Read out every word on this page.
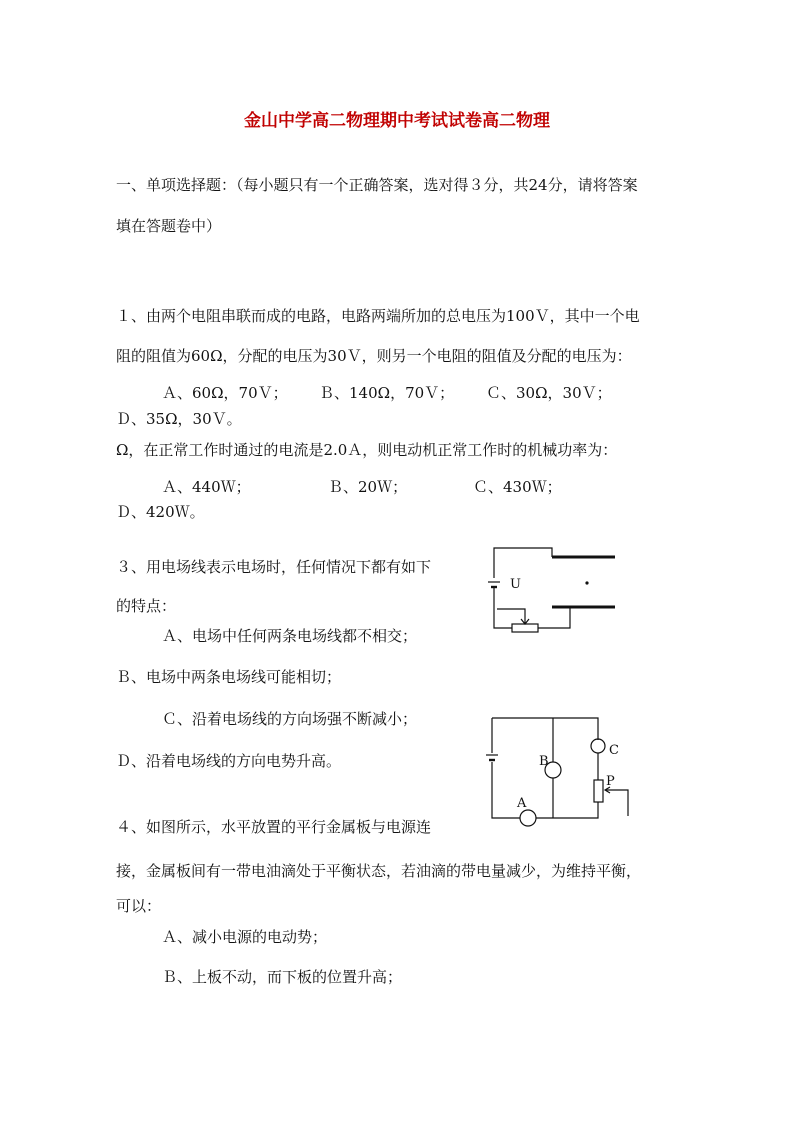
金山中学高二物理期中考试试卷高二物理
一、单项选择题：（每小题只有一个正确答案，选对得３分，共24分，请将答案
填在答题卷中）
１、由两个电阻串联而成的电路，电路两端所加的总电压为100Ｖ，其中一个电
阻的阻值为60Ω，分配的电压为30Ｖ，则另一个电阻的阻值及分配的电压为：
Ａ、60Ω，70Ｖ； Ｂ、140Ω，70Ｖ； Ｃ、30Ω，30Ｖ；
Ｄ、35Ω，30Ｖ。
Ω，在正常工作时通过的电流是2.0Ａ，则电动机正常工作时的机械功率为：
Ａ、440Ｗ；	Ｂ、20Ｗ；	Ｃ、430Ｗ；
Ｄ、420Ｗ。
３、用电场线表示电场时，任何情况下都有如下
的特点：
Ａ、电场中任何两条电场线都不相交；
Ｂ、电场中两条电场线可能相切；
Ｃ、沿着电场线的方向场强不断减小；
Ｄ、沿着电场线的方向电势升高。
４、如图所示，水平放置的平行金属板与电源连
接，金属板间有一带电油滴处于平衡状态，若油滴的带电量减少，为维持平衡，
可以：
Ａ、减小电源的电动势；
Ｂ、上板不动，而下板的位置升高；
U
A
B
C
P
